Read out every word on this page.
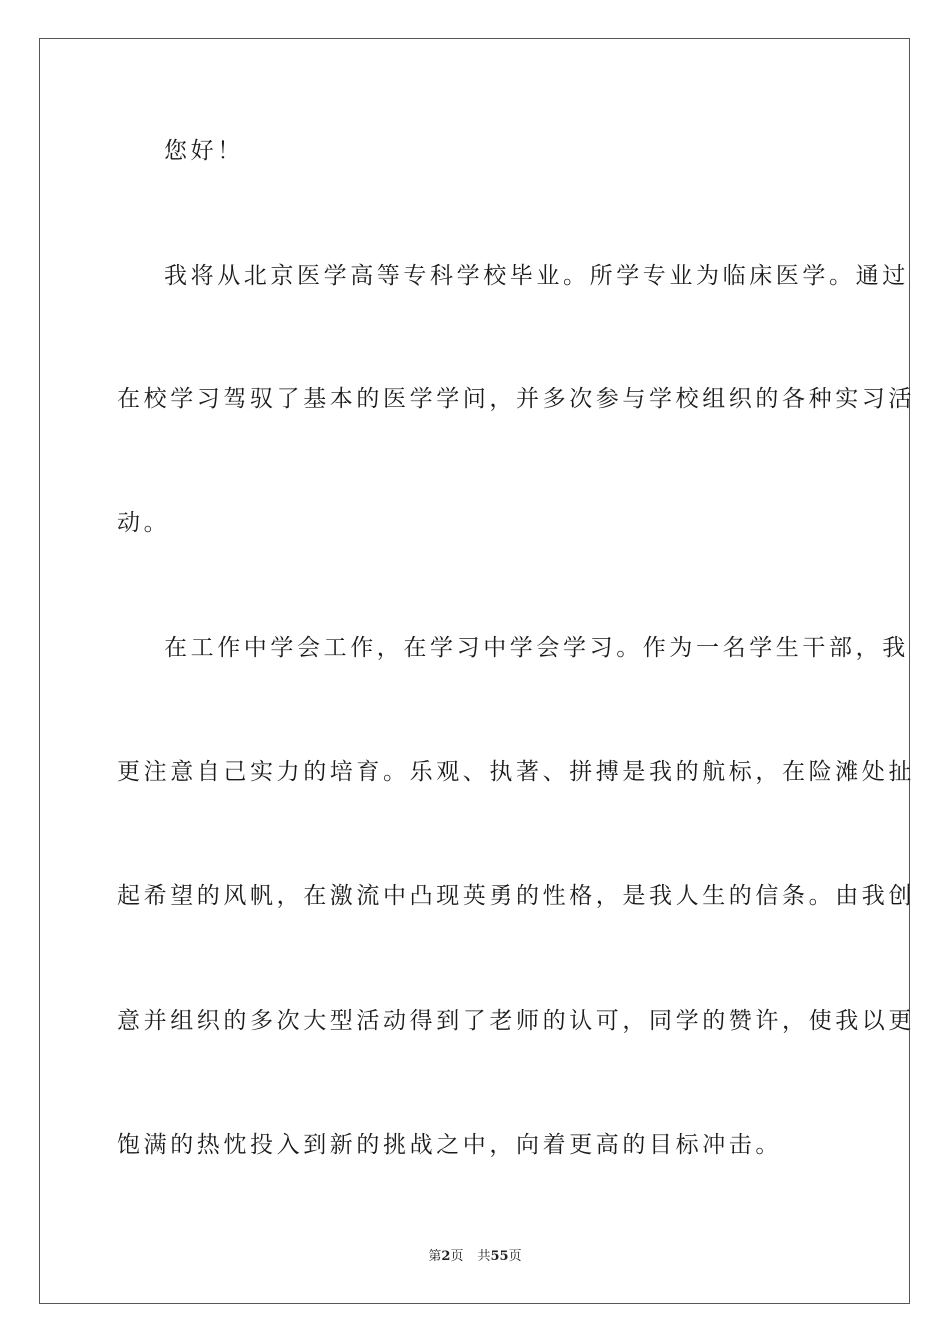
您好！
我将从北京医学高等专科学校毕业。所学专业为临床医学。通过
在校学习驾驭了基本的医学学问，并多次参与学校组织的各种实习活
动。
在工作中学会工作，在学习中学会学习。作为一名学生干部，我
更注意自己实力的培育。乐观、执著、拼搏是我的航标，在险滩处扯
起希望的风帆，在激流中凸现英勇的性格，是我人生的信条。由我创
意并组织的多次大型活动得到了老师的认可，同学的赞许，使我以更
饱满的热忱投入到新的挑战之中，向着更高的目标冲击。
第2页 共55页
